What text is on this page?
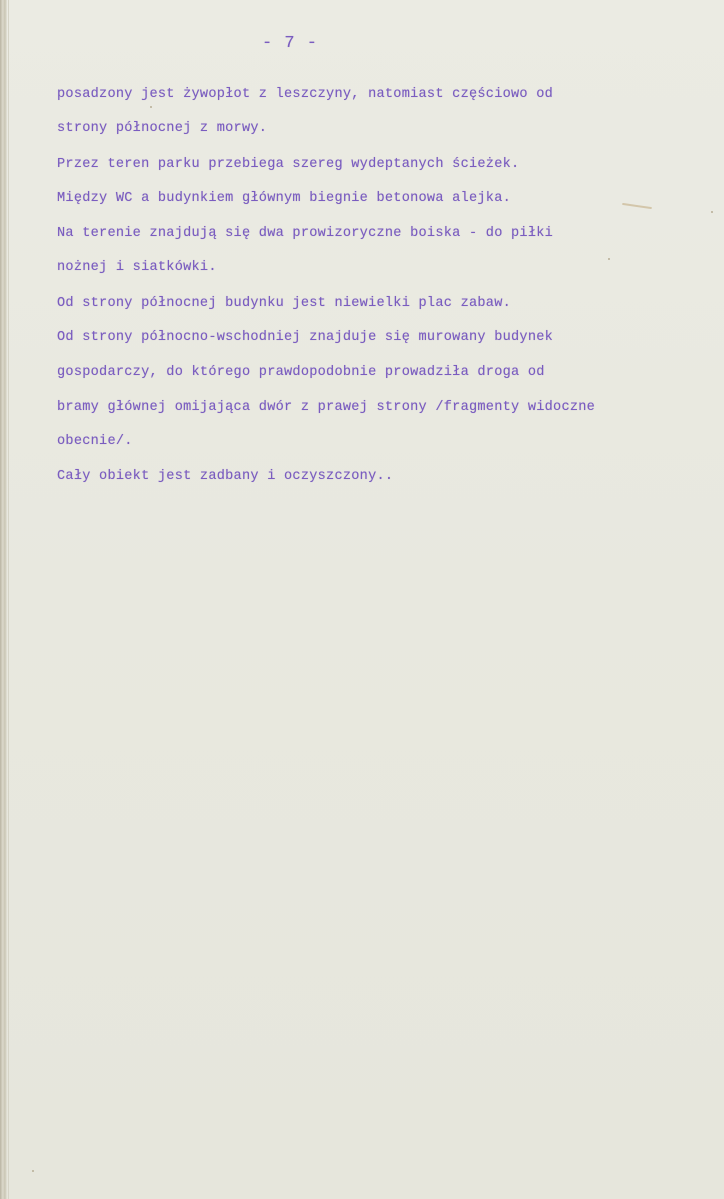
- 7 -
posadzony jest żywopłot z leszczyny, natomiast częściowo od
strony północnej z morwy.
Przez teren parku przebiega szereg wydeptanych ścieżek.
Między WC a budynkiem głównym biegnie betonowa alejka.
Na terenie znajdują się dwa prowizoryczne boiska - do piłki
nożnej i siatkówki.
Od strony północnej budynku jest niewielki plac zabaw.
Od strony północno-wschodniej znajduje się murowany budynek
gospodarczy, do którego prawdopodobnie prowadziła droga od
bramy głównej omijająca dwór z prawej strony /fragmenty widoczne
obecnie/.
Cały obiekt jest zadbany i oczyszczony..
